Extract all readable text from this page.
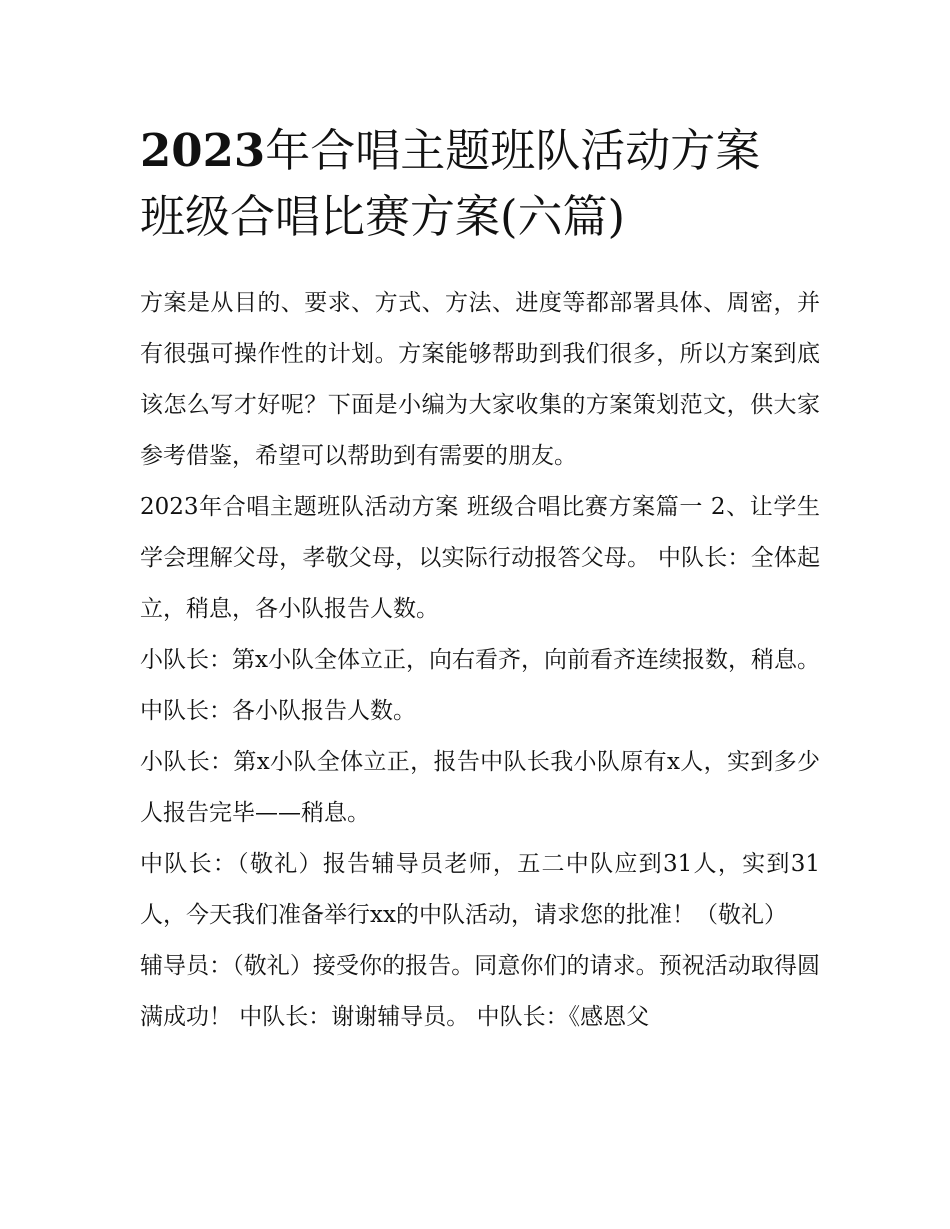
2023年合唱主题班队活动方案
班级合唱比赛方案(六篇)

方案是从目的、要求、方式、方法、进度等都部署具体、周密，并有很强可操作性的计划。方案能够帮助到我们很多，所以方案到底该怎么写才好呢？下面是小编为大家收集的方案策划范文，供大家参考借鉴，希望可以帮助到有需要的朋友。

2023年合唱主题班队活动方案 班级合唱比赛方案篇一 2、让学生学会理解父母，孝敬父母，以实际行动报答父母。 中队长：全体起立，稍息，各小队报告人数。

小队长：第x小队全体立正，向右看齐，向前看齐连续报数，稍息。 中队长：各小队报告人数。

小队长：第x小队全体立正，报告中队长我小队原有x人，实到多少人报告完毕——稍息。

中队长：（敬礼）报告辅导员老师，五二中队应到31人，实到31人，今天我们准备举行xx的中队活动，请求您的批准！（敬礼）

辅导员：（敬礼）接受你的报告。同意你们的请求。预祝活动取得圆满成功！ 中队长：谢谢辅导员。 中队长：《感恩父
